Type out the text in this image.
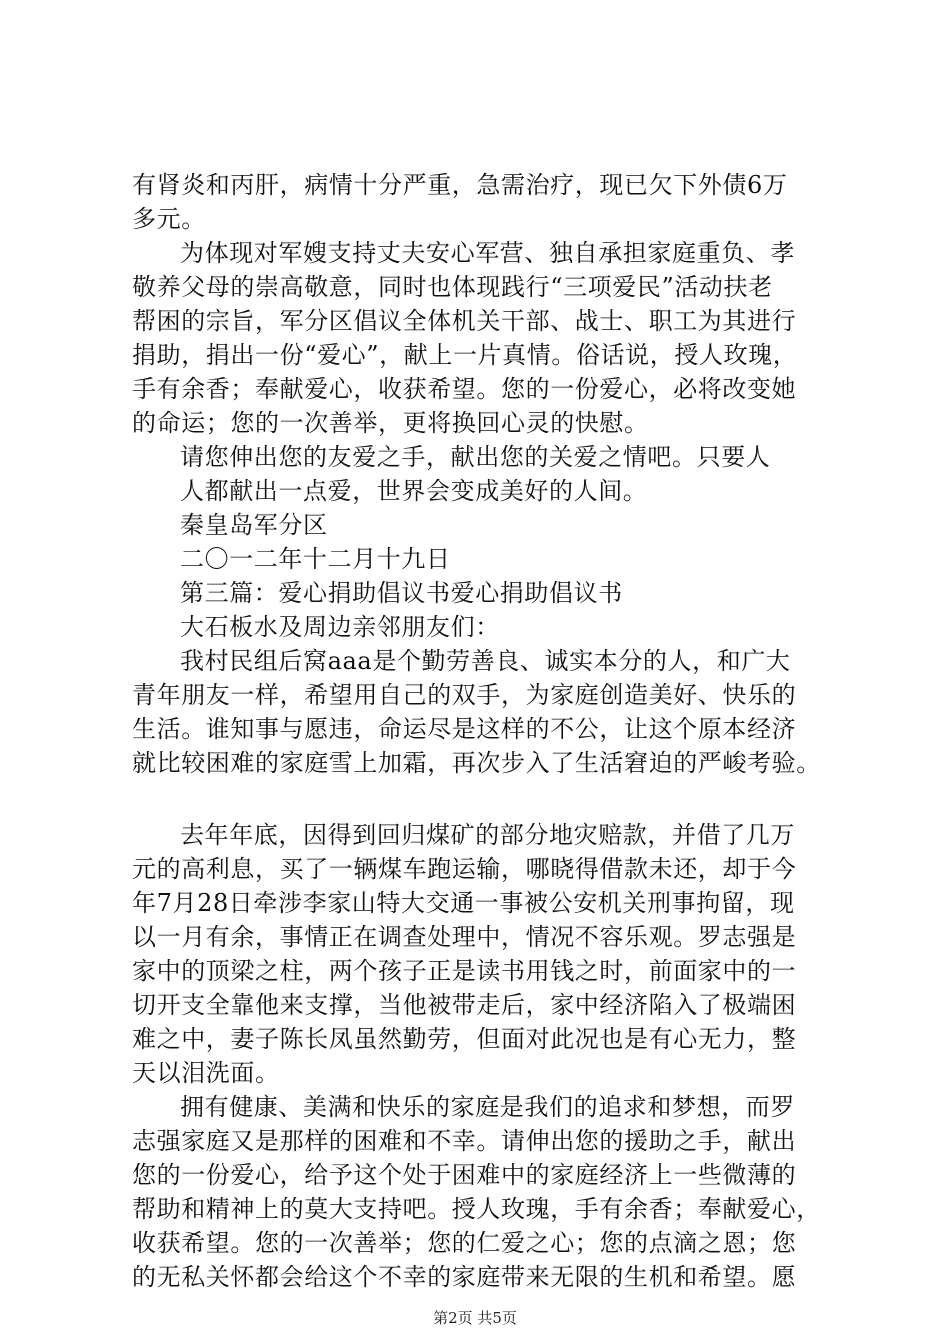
有肾炎和丙肝，病情十分严重，急需治疗，现已欠下外债6万
多元。
为体现对军嫂支持丈夫安心军营、独自承担家庭重负、孝
敬养父母的崇高敬意，同时也体现践行“三项爱民”活动扶老
帮困的宗旨，军分区倡议全体机关干部、战士、职工为其进行
捐助，捐出一份“爱心”，献上一片真情。俗话说，授人玫瑰，
手有余香；奉献爱心，收获希望。您的一份爱心，必将改变她
的命运；您的一次善举，更将换回心灵的快慰。
请您伸出您的友爱之手，献出您的关爱之情吧。只要人
人都献出一点爱，世界会变成美好的人间。
秦皇岛军分区
二〇一二年十二月十九日
第三篇：爱心捐助倡议书爱心捐助倡议书
大石板水及周边亲邻朋友们：
我村民组后窝aaa是个勤劳善良、诚实本分的人，和广大
青年朋友一样，希望用自己的双手，为家庭创造美好、快乐的
生活。谁知事与愿违，命运尽是这样的不公，让这个原本经济
就比较困难的家庭雪上加霜，再次步入了生活窘迫的严峻考验。
去年年底，因得到回归煤矿的部分地灾赔款，并借了几万
元的高利息，买了一辆煤车跑运输，哪晓得借款未还，却于今
年7月28日牵涉李家山特大交通一事被公安机关刑事拘留，现
以一月有余，事情正在调查处理中，情况不容乐观。罗志强是
家中的顶梁之柱，两个孩子正是读书用钱之时，前面家中的一
切开支全靠他来支撑，当他被带走后，家中经济陷入了极端困
难之中，妻子陈长凤虽然勤劳，但面对此况也是有心无力，整
天以泪洗面。
拥有健康、美满和快乐的家庭是我们的追求和梦想，而罗
志强家庭又是那样的困难和不幸。请伸出您的援助之手，献出
您的一份爱心，给予这个处于困难中的家庭经济上一些微薄的
帮助和精神上的莫大支持吧。授人玫瑰，手有余香；奉献爱心，
收获希望。您的一次善举；您的仁爱之心；您的点滴之恩；您
的无私关怀都会给这个不幸的家庭带来无限的生机和希望。愿
第2页 共5页
